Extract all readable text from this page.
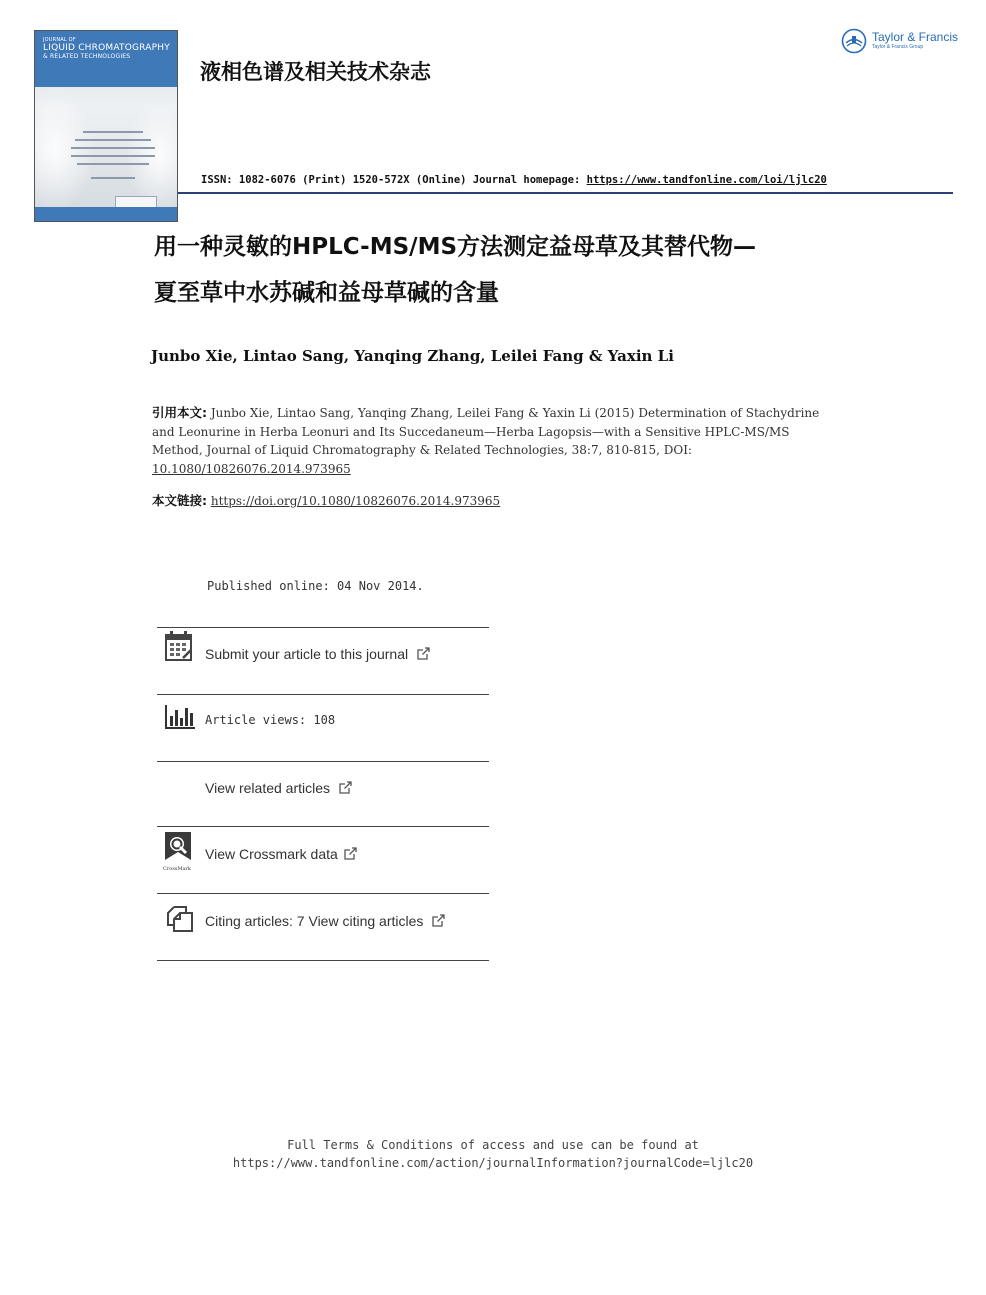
JOURNAL OF
LIQUID CHROMATOGRAPHY
& RELATED TECHNOLOGIES
液相色谱及相关技术杂志
Taylor & Francis
Taylor & Francis Group
ISSN: 1082-6076 (Print) 1520-572X (Online) Journal homepage: https://www.tandfonline.com/loi/ljlc20
用一种灵敏的HPLC-MS/MS方法测定益母草及其替代物—
夏至草中水苏碱和益母草碱的含量
Junbo Xie, Lintao Sang, Yanqing Zhang, Leilei Fang & Yaxin Li
引用本文: Junbo Xie, Lintao Sang, Yanqing Zhang, Leilei Fang & Yaxin Li (2015) Determination of Stachydrine and Leonurine in Herba Leonuri and Its Succedaneum—Herba Lagopsis—with a Sensitive HPLC-MS/MS Method, Journal of Liquid Chromatography & Related Technologies, 38:7, 810-815, DOI: 10.1080/10826076.2014.973965
本文链接: https://doi.org/10.1080/10826076.2014.973965
Published online: 04 Nov 2014.
Submit your article to this journal
Article views: 108
View related articles
CrossMark
View Crossmark data
Citing articles: 7 View citing articles
Full Terms & Conditions of access and use can be found at
https://www.tandfonline.com/action/journalInformation?journalCode=ljlc20
